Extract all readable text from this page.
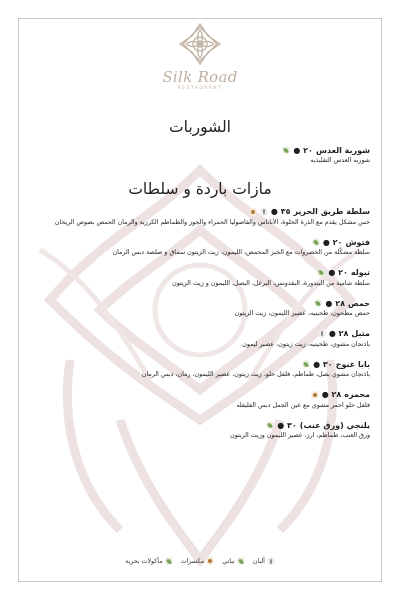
Silk Road
RESTAURANT
الشوربات
شوربة العدس
٢٠ ●
شوربه العدس التقليديه
مازات باردة و سلطات
سلطة طريق الحرير
٣٥ ●
خس مشكل يقدم مع الذرة الحلوة، الأناناس والفاصوليا الحمراء والجوز والطماطم الكرزية والرمان الحمص بصوص الريحان
فتوش
٢٠ ●
سلطة مشكّلة من الخضروات مع الخبز المحمص، الليمون، زيت الزيتون سماق و صلصة دبس الرمان
تبوله
٢٠ ●
سلطة شامية من البندورة، البقدونس، البرغل، البصل، الليمون و زيت الزيتون
حمص
٢٨ ●
حمص مطحون، طحينيه، عصير الليمون، زيت الزيتون
متبل
٢٨ ●
باذنجان مشوي، طحينيه، زيت زيتون، عصير ليمون
بابا غنوج
٣٠ ●
باذنجان مشوي بصل، طماطم، فلفل حلو، زيت زيتون، عصير الليمون، رمان، دبس الرمان
محمره
٢٨ ●
فلفل حلو احمر مشوي مع عين الجمل دبس الفليفله
يلنجي (ورق عنب)
٣٠ ●
ورق العنب، طماطم، ارز، عصير الليمون وزيت الزيتون
ألبان
نباتي
مكسرات
مأكولات بحرية
